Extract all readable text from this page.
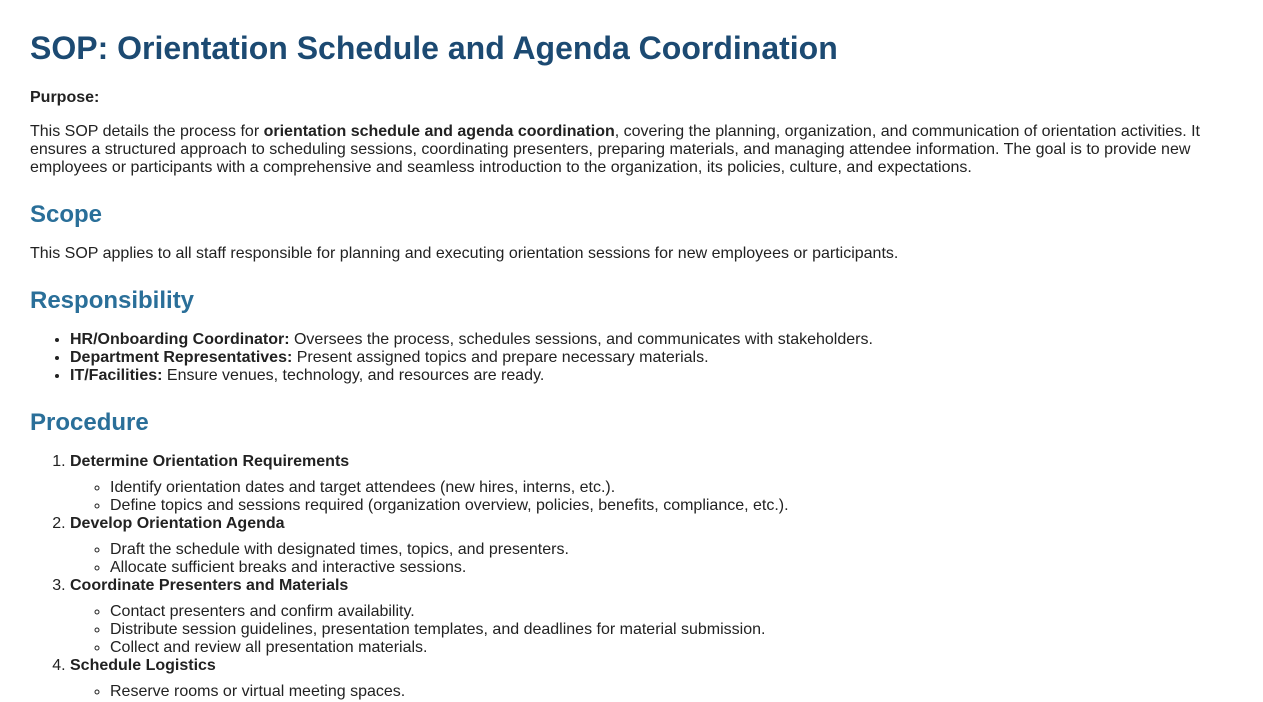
SOP: Orientation Schedule and Agenda Coordination

Purpose:

This SOP details the process for orientation schedule and agenda coordination, covering the planning, organization, and communication of orientation activities. It ensures a structured approach to scheduling sessions, coordinating presenters, preparing materials, and managing attendee information. The goal is to provide new employees or participants with a comprehensive and seamless introduction to the organization, its policies, culture, and expectations.

Scope

This SOP applies to all staff responsible for planning and executing orientation sessions for new employees or participants.

Responsibility
• HR/Onboarding Coordinator: Oversees the process, schedules sessions, and communicates with stakeholders.
• Department Representatives: Present assigned topics and prepare necessary materials.
• IT/Facilities: Ensure venues, technology, and resources are ready.
Procedure
1. Determine Orientation Requirements
◦ Identify orientation dates and target attendees (new hires, interns, etc.).
◦ Define topics and sessions required (organization overview, policies, benefits, compliance, etc.).
2. Develop Orientation Agenda
◦ Draft the schedule with designated times, topics, and presenters.
◦ Allocate sufficient breaks and interactive sessions.
3. Coordinate Presenters and Materials
◦ Contact presenters and confirm availability.
◦ Distribute session guidelines, presentation templates, and deadlines for material submission.
◦ Collect and review all presentation materials.
4. Schedule Logistics
◦ Reserve rooms or virtual meeting spaces.
